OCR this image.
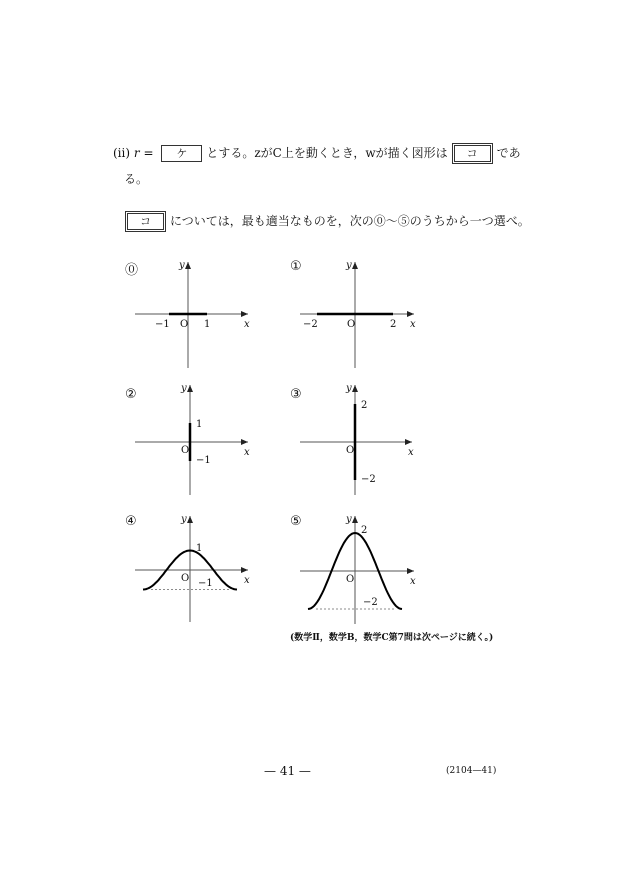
(ii) r = ケ とする。zがC上を動くとき，wが描く図形は コ であ
る。
コ については，最も適当なものを，次の⓪～⑤のうちから一つ選べ。
⓪	y
x
−1 O 1
①	y
x
−2	O	2
②	y
x
1
O
−1
③	y
x
2
O
−2
④	y
x
1
O −1
⑤	y
x
2
O
−2
(数学Ⅱ，数学B，数学C第7問は次ページに続く。)
— 41 —	(2104—41)
